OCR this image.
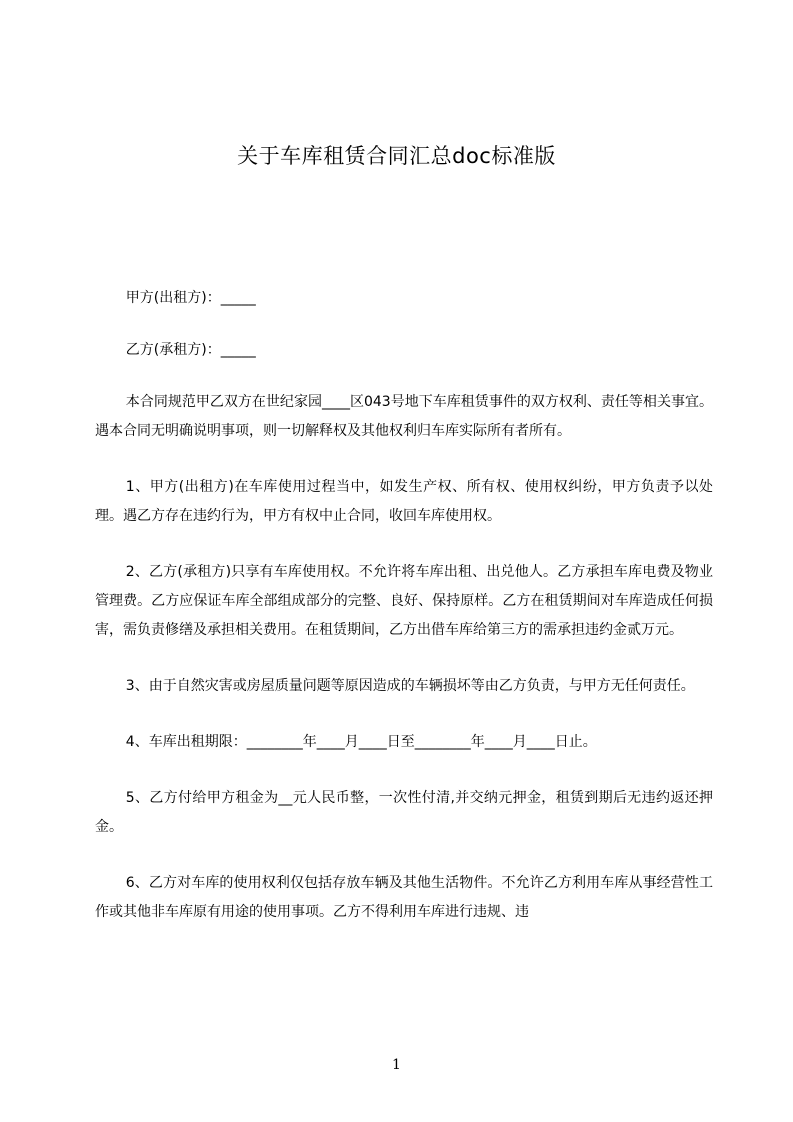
关于车库租赁合同汇总doc标准版

甲方(出租方)：_____

乙方(承租方)：_____

本合同规范甲乙双方在世纪家园____区043号地下车库租赁事件的双方权利、责任等相关事宜。遇本合同无明确说明事项，则一切解释权及其他权利归车库实际所有者所有。

1、甲方(出租方)在车库使用过程当中，如发生产权、所有权、使用权纠纷，甲方负责予以处理。遇乙方存在违约行为，甲方有权中止合同，收回车库使用权。

2、乙方(承租方)只享有车库使用权。不允许将车库出租、出兑他人。乙方承担车库电费及物业管理费。乙方应保证车库全部组成部分的完整、良好、保持原样。乙方在租赁期间对车库造成任何损害，需负责修缮及承担相关费用。在租赁期间，乙方出借车库给第三方的需承担违约金贰万元。

3、由于自然灾害或房屋质量问题等原因造成的车辆损坏等由乙方负责，与甲方无任何责任。

4、车库出租期限：________年____月____日至________年____月____日止。

5、乙方付给甲方租金为__元人民币整，一次性付清,并交纳元押金，租赁到期后无违约返还押金。

6、乙方对车库的使用权利仅包括存放车辆及其他生活物件。不允许乙方利用车库从事经营性工作或其他非车库原有用途的使用事项。乙方不得利用车库进行违规、违

1
